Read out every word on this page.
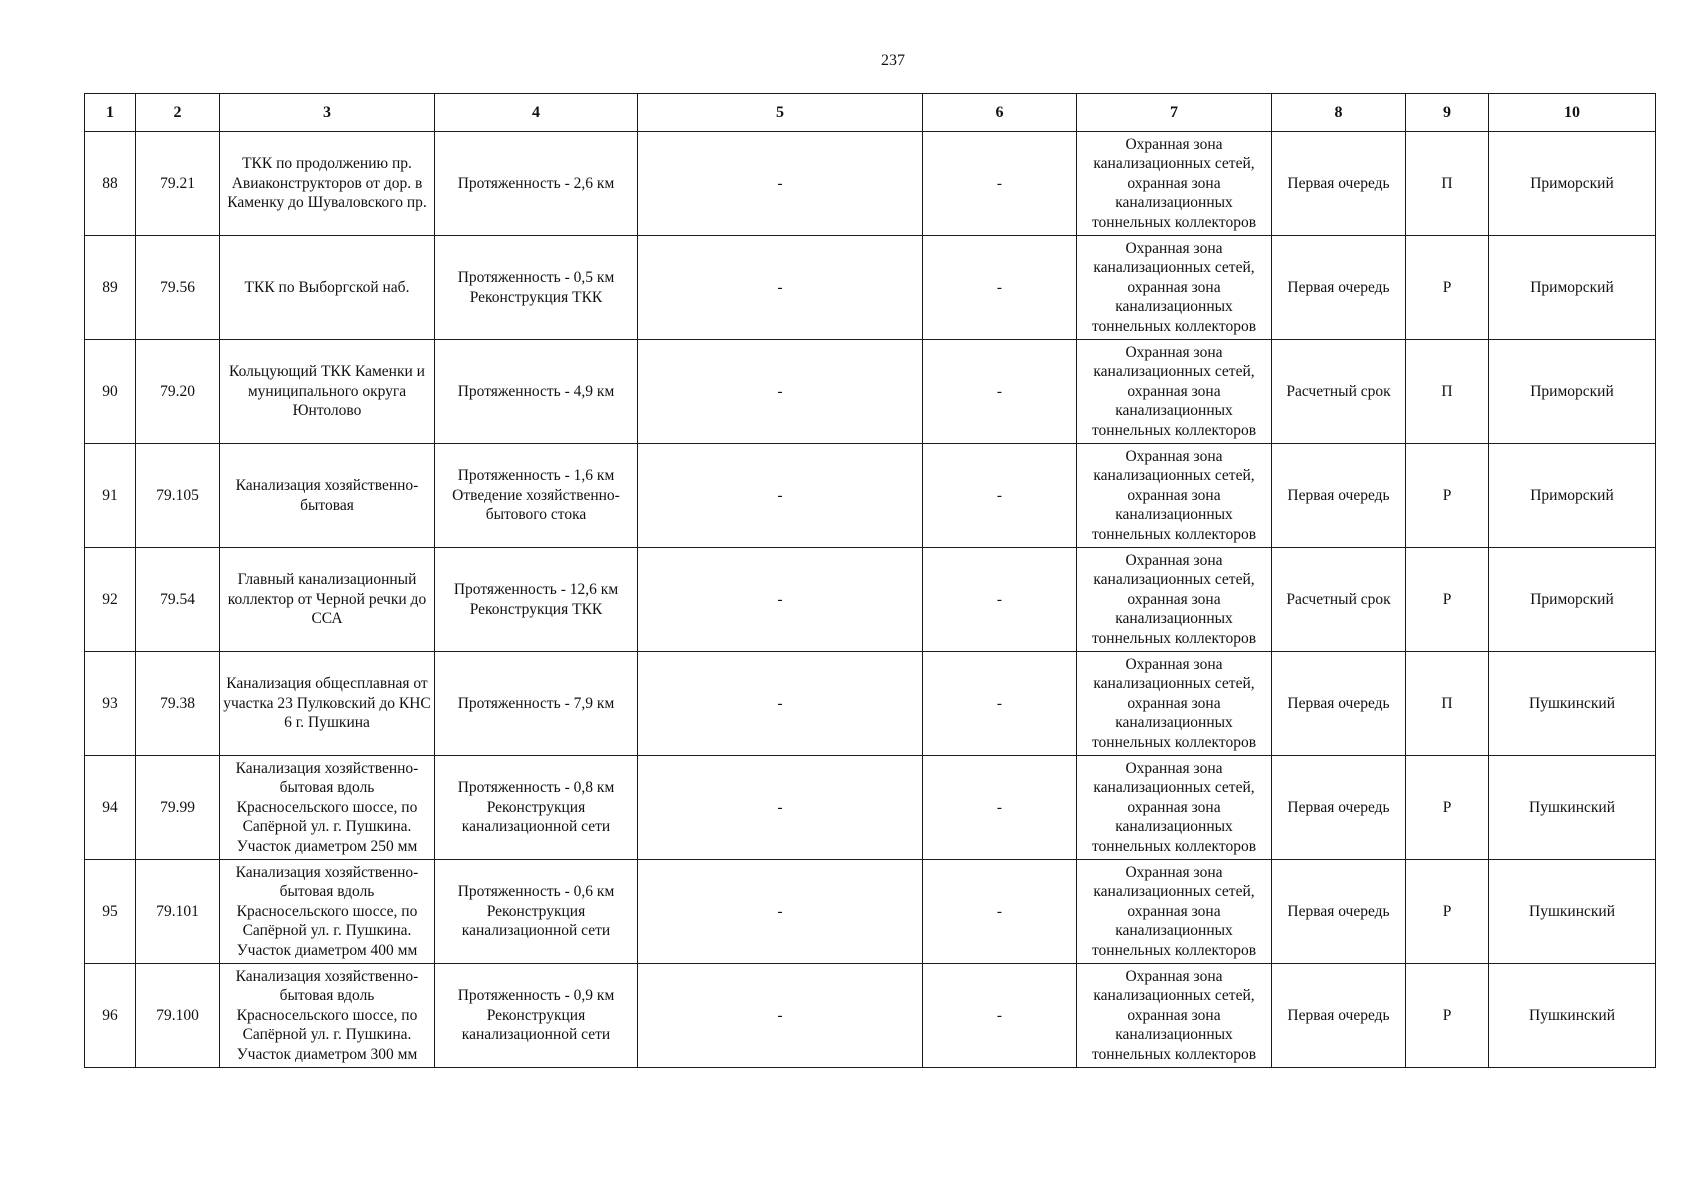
237
1	2	3	4	5	6	7	8	9	10
88	79.21	ТКК по продолжению пр. Авиаконструкторов от дор. в Каменку до Шуваловского пр.	Протяженность - 2,6 км	-	-	Охранная зона канализационных сетей, охранная зона канализационных тоннельных коллекторов	Первая очередь	П	Приморский
89	79.56	ТКК по Выборгской наб.	Протяженность - 0,5 км Реконструкция ТКК	-	-	Охранная зона канализационных сетей, охранная зона канализационных тоннельных коллекторов	Первая очередь	Р	Приморский
90	79.20	Кольцующий ТКК Каменки и муниципального округа Юнтолово	Протяженность - 4,9 км	-	-	Охранная зона канализационных сетей, охранная зона канализационных тоннельных коллекторов	Расчетный срок	П	Приморский
91	79.105	Канализация хозяйственно-бытовая	Протяженность - 1,6 км Отведение хозяйственно-бытового стока	-	-	Охранная зона канализационных сетей, охранная зона канализационных тоннельных коллекторов	Первая очередь	Р	Приморский
92	79.54	Главный канализационный коллектор от Черной речки до ССА	Протяженность - 12,6 км Реконструкция ТКК	-	-	Охранная зона канализационных сетей, охранная зона канализационных тоннельных коллекторов	Расчетный срок	Р	Приморский
93	79.38	Канализация общесплавная от участка 23 Пулковский до КНС 6 г. Пушкина	Протяженность - 7,9 км	-	-	Охранная зона канализационных сетей, охранная зона канализационных тоннельных коллекторов	Первая очередь	П	Пушкинский
94	79.99	Канализация хозяйственно-бытовая вдоль Красносельского шоссе, по Сапёрной ул. г. Пушкина. Участок диаметром 250 мм	Протяженность - 0,8 км Реконструкция канализационной сети	-	-	Охранная зона канализационных сетей, охранная зона канализационных тоннельных коллекторов	Первая очередь	Р	Пушкинский
95	79.101	Канализация хозяйственно-бытовая вдоль Красносельского шоссе, по Сапёрной ул. г. Пушкина. Участок диаметром 400 мм	Протяженность - 0,6 км Реконструкция канализационной сети	-	-	Охранная зона канализационных сетей, охранная зона канализационных тоннельных коллекторов	Первая очередь	Р	Пушкинский
96	79.100	Канализация хозяйственно-бытовая вдоль Красносельского шоссе, по Сапёрной ул. г. Пушкина. Участок диаметром 300 мм	Протяженность - 0,9 км Реконструкция канализационной сети	-	-	Охранная зона канализационных сетей, охранная зона канализационных тоннельных коллекторов	Первая очередь	Р	Пушкинский
